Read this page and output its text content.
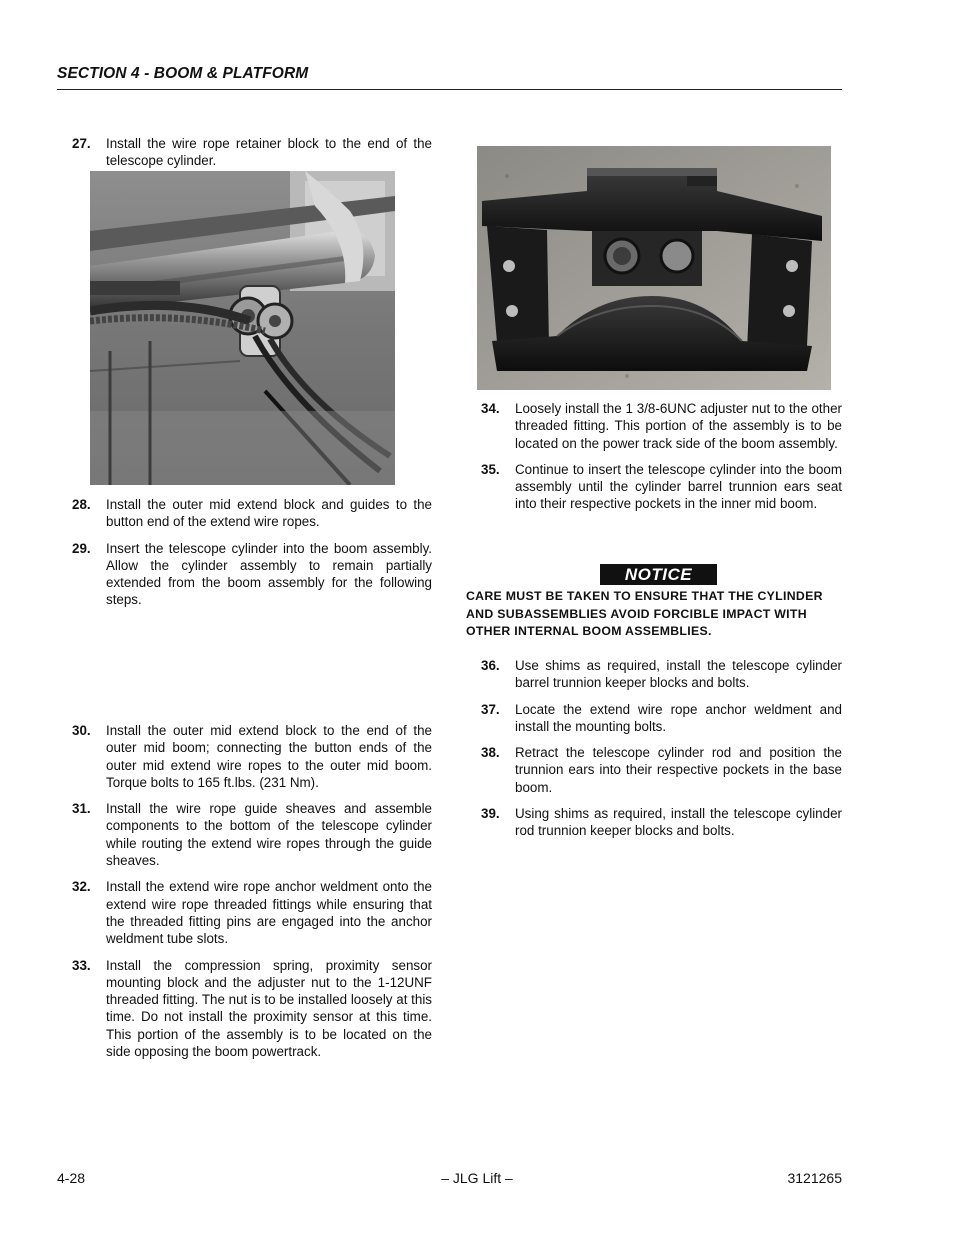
SECTION 4 - BOOM & PLATFORM
27. Install the wire rope retainer block to the end of the telescope cylinder.
28. Install the outer mid extend block and guides to the button end of the extend wire ropes.
29. Insert the telescope cylinder into the boom assembly. Allow the cylinder assembly to remain partially extended from the boom assembly for the following steps.
30. Install the outer mid extend block to the end of the outer mid boom; connecting the button ends of the outer mid extend wire ropes to the outer mid boom. Torque bolts to 165 ft.lbs. (231 Nm).
31. Install the wire rope guide sheaves and assemble components to the bottom of the telescope cylinder while routing the extend wire ropes through the guide sheaves.
32. Install the extend wire rope anchor weldment onto the extend wire rope threaded fittings while ensuring that the threaded fitting pins are engaged into the anchor weldment tube slots.
33. Install the compression spring, proximity sensor mounting block and the adjuster nut to the 1-12UNF threaded fitting. The nut is to be installed loosely at this time. Do not install the proximity sensor at this time. This portion of the assembly is to be located on the side opposing the boom powertrack.
34. Loosely install the 1 3/8-6UNC adjuster nut to the other threaded fitting. This portion of the assembly is to be located on the power track side of the boom assembly.
35. Continue to insert the telescope cylinder into the boom assembly until the cylinder barrel trunnion ears seat into their respective pockets in the inner mid boom.
NOTICE
CARE MUST BE TAKEN TO ENSURE THAT THE CYLINDER AND SUBASSEMBLIES AVOID FORCIBLE IMPACT WITH OTHER INTERNAL BOOM ASSEMBLIES.
36. Use shims as required, install the telescope cylinder barrel trunnion keeper blocks and bolts.
37. Locate the extend wire rope anchor weldment and install the mounting bolts.
38. Retract the telescope cylinder rod and position the trunnion ears into their respective pockets in the base boom.
39. Using shims as required, install the telescope cylinder rod trunnion keeper blocks and bolts.
4-28	– JLG Lift –	3121265
